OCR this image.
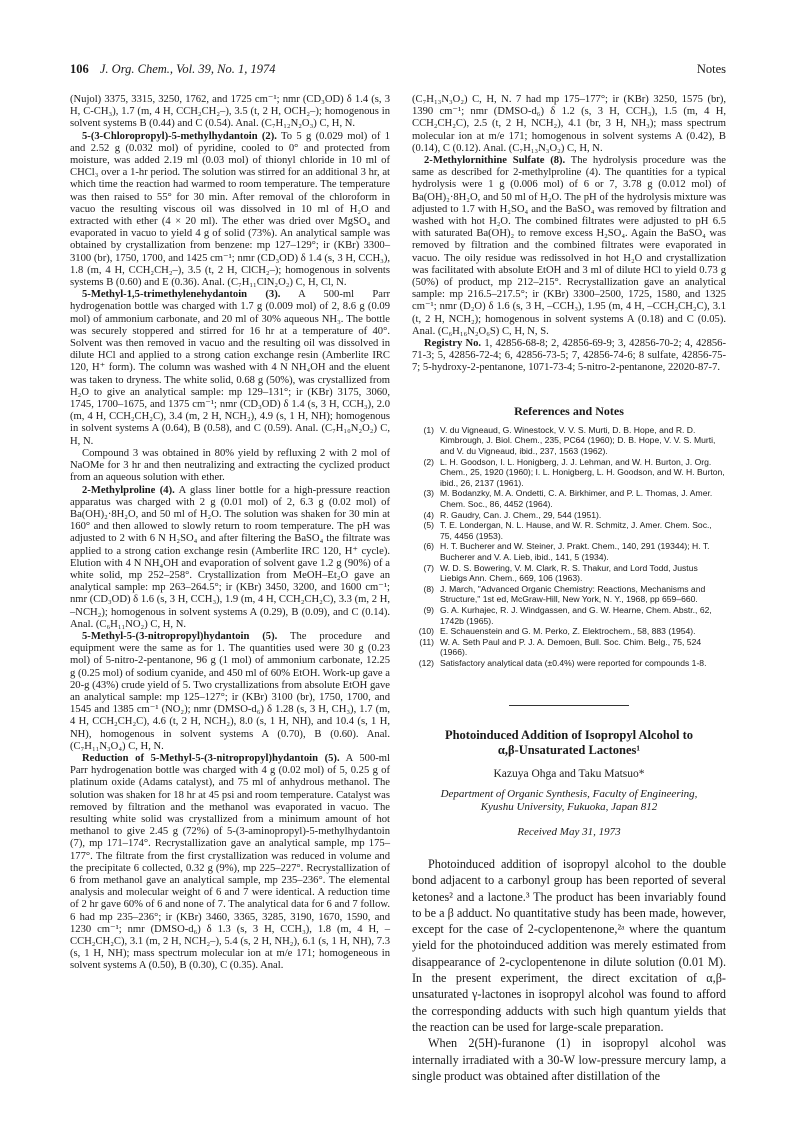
106 J. Org. Chem., Vol. 39, No. 1, 1974	Notes

(Nujol) 3375, 3315, 3250, 1762, and 1725 cm⁻¹; nmr (CD₃OD) δ 1.4 (s, 3 H, C-CH₃), 1.7 (m, 4 H, CCH₂CH₂–), 3.5 (t, 2 H, OCH₂–); homogenous in solvent systems B (0.44) and C (0.54). Anal. (C₇H₁₂N₂O₃) C, H, N.

5-(3-Chloropropyl)-5-methylhydantoin (2). To 5 g (0.029 mol) of 1 and 2.52 g (0.032 mol) of pyridine, cooled to 0° and protected from moisture, was added 2.19 ml (0.03 mol) of thionyl chloride in 10 ml of CHCl₃ over a 1-hr period. The solution was stirred for an additional 3 hr, at which time the reaction had warmed to room temperature. The temperature was then raised to 55° for 30 min. After removal of the chloroform in vacuo the resulting viscous oil was dissolved in 10 ml of H₂O and extracted with ether (4 × 20 ml). The ether was dried over MgSO₄ and evaporated in vacuo to yield 4 g of solid (73%). An analytical sample was obtained by crystallization from benzene: mp 127–129°; ir (KBr) 3300–3100 (br), 1750, 1700, and 1425 cm⁻¹; nmr (CD₃OD) δ 1.4 (s, 3 H, CCH₃), 1.8 (m, 4 H, CCH₂CH₂–), 3.5 (t, 2 H, ClCH₂–); homogenous in solvents systems B (0.60) and E (0.36). Anal. (C₇H₁₁ClN₂O₂) C, H, Cl, N.

5-Methyl-1,5-trimethylenehydantoin (3). A 500-ml Parr hydrogenation bottle was charged with 1.7 g (0.009 mol) of 2, 8.6 g (0.09 mol) of ammonium carbonate, and 20 ml of 30% aqueous NH₃. The bottle was securely stoppered and stirred for 16 hr at a temperature of 40°. Solvent was then removed in vacuo and the resulting oil was dissolved in dilute HCl and applied to a strong cation exchange resin (Amberlite IRC 120, H⁺ form). The column was washed with 4 N NH₄OH and the eluent was taken to dryness. The white solid, 0.68 g (50%), was crystallized from H₂O to give an analytical sample: mp 129–131°; ir (KBr) 3175, 3060, 1745, 1700–1675, and 1375 cm⁻¹; nmr (CD₃OD) δ 1.4 (s, 3 H, CCH₃), 2.0 (m, 4 H, CCH₂CH₂C), 3.4 (m, 2 H, NCH₂), 4.9 (s, 1 H, NH); homogenous in solvent systems A (0.64), B (0.58), and C (0.59). Anal. (C₇H₁₀N₂O₂) C, H, N.

Compound 3 was obtained in 80% yield by refluxing 2 with 2 mol of NaOMe for 3 hr and then neutralizing and extracting the cyclized product from an aqueous solution with ether.

2-Methylproline (4). A glass liner bottle for a high-pressure reaction apparatus was charged with 2 g (0.01 mol) of 2, 6.3 g (0.02 mol) of Ba(OH)₂·8H₂O, and 50 ml of H₂O. The solution was shaken for 30 min at 160° and then allowed to slowly return to room temperature. The pH was adjusted to 2 with 6 N H₂SO₄ and after filtering the BaSO₄ the filtrate was applied to a strong cation exchange resin (Amberlite IRC 120, H⁺ cycle). Elution with 4 N NH₄OH and evaporation of solvent gave 1.2 g (90%) of a white solid, mp 252–258°. Crystallization from MeOH–Et₂O gave an analytical sample: mp 263–264.5°; ir (KBr) 3450, 3200, and 1600 cm⁻¹; nmr (CD₃OD) δ 1.6 (s, 3 H, CCH₃), 1.9 (m, 4 H, CCH₂CH₂C), 3.3 (m, 2 H, –NCH₂); homogenous in solvent systems A (0.29), B (0.09), and C (0.14). Anal. (C₆H₁₁NO₂) C, H, N.

5-Methyl-5-(3-nitropropyl)hydantoin (5). The procedure and equipment were the same as for 1. The quantities used were 30 g (0.23 mol) of 5-nitro-2-pentanone, 96 g (1 mol) of ammonium carbonate, 12.25 g (0.25 mol) of sodium cyanide, and 450 ml of 60% EtOH. Work-up gave a 20-g (43%) crude yield of 5. Two crystallizations from absolute EtOH gave an analytical sample: mp 125–127°; ir (KBr) 3100 (br), 1750, 1700, and 1545 and 1385 cm⁻¹ (NO₂); nmr (DMSO-d₆) δ 1.28 (s, 3 H, CH₃), 1.7 (m, 4 H, CCH₂CH₂C), 4.6 (t, 2 H, NCH₂), 8.0 (s, 1 H, NH), and 10.4 (s, 1 H, NH), homogenous in solvent systems A (0.70), B (0.60). Anal. (C₇H₁₁N₃O₄) C, H, N.

Reduction of 5-Methyl-5-(3-nitropropyl)hydantoin (5). A 500-ml Parr hydrogenation bottle was charged with 4 g (0.02 mol) of 5, 0.25 g of platinum oxide (Adams catalyst), and 75 ml of anhydrous methanol. The solution was shaken for 18 hr at 45 psi and room temperature. Catalyst was removed by filtration and the methanol was evaporated in vacuo. The resulting white solid was crystallized from a minimum amount of hot methanol to give 2.45 g (72%) of 5-(3-aminopropyl)-5-methylhydantoin (7), mp 171–174°. Recrystallization gave an analytical sample, mp 175–177°. The filtrate from the first crystallization was reduced in volume and the precipitate 6 collected, 0.32 g (9%), mp 225–227°. Recrystallization of 6 from methanol gave an analytical sample, mp 235–236°. The elemental analysis and molecular weight of 6 and 7 were identical. A reduction time of 2 hr gave 60% of 6 and none of 7. The analytical data for 6 and 7 follow. 6 had mp 235–236°; ir (KBr) 3460, 3365, 3285, 3190, 1670, 1590, and 1230 cm⁻¹; nmr (DMSO-d₆) δ 1.3 (s, 3 H, CCH₃), 1.8 (m, 4 H, –CCH₂CH₂C), 3.1 (m, 2 H, NCH₂–), 5.4 (s, 2 H, NH₂), 6.1 (s, 1 H, NH), 7.3 (s, 1 H, NH); mass spectrum molecular ion at m/e 171; homogeneous in solvent systems A (0.50), B (0.30), C (0.35). Anal.

(C₇H₁₃N₃O₂) C, H, N. 7 had mp 175–177°; ir (KBr) 3250, 1575 (br), 1390 cm⁻¹; nmr (DMSO-d₆) δ 1.2 (s, 3 H, CCH₃), 1.5 (m, 4 H, CCH₂CH₂C), 2.5 (t, 2 H, NCH₂), 4.1 (br, 3 H, NH₃); mass spectrum molecular ion at m/e 171; homogenous in solvent systems A (0.42), B (0.14), C (0.12). Anal. (C₇H₁₃N₃O₂) C, H, N.

2-Methylornithine Sulfate (8). The hydrolysis procedure was the same as described for 2-methylproline (4). The quantities for a typical hydrolysis were 1 g (0.006 mol) of 6 or 7, 3.78 g (0.012 mol) of Ba(OH)₂·8H₂O, and 50 ml of H₂O. The pH of the hydrolysis mixture was adjusted to 1.7 with H₂SO₄ and the BaSO₄ was removed by filtration and washed with hot H₂O. The combined filtrates were adjusted to pH 6.5 with saturated Ba(OH)₂ to remove excess H₂SO₄. Again the BaSO₄ was removed by filtration and the combined filtrates were evaporated in vacuo. The oily residue was redissolved in hot H₂O and crystallization was facilitated with absolute EtOH and 3 ml of dilute HCl to yield 0.73 g (50%) of product, mp 212–215°. Recrystallization gave an analytical sample: mp 216.5–217.5°; ir (KBr) 3300–2500, 1725, 1580, and 1325 cm⁻¹; nmr (D₂O) δ 1.6 (s, 3 H, –CCH₃), 1.95 (m, 4 H, –CCH₂CH₂C), 3.1 (t, 2 H, NCH₂); homogenous in solvent systems A (0.18) and C (0.05). Anal. (C₆H₁₆N₂O₆S) C, H, N, S.

Registry No. 1, 42856-68-8; 2, 42856-69-9; 3, 42856-70-2; 4, 42856-71-3; 5, 42856-72-4; 6, 42856-73-5; 7, 42856-74-6; 8 sulfate, 42856-75-7; 5-hydroxy-2-pentanone, 1071-73-4; 5-nitro-2-pentanone, 22020-87-7.

References and Notes
(1) V. du Vigneaud, G. Winestock, V. V. S. Murti, D. B. Hope, and R. D. Kimbrough, J. Biol. Chem., 235, PC64 (1960); D. B. Hope, V. V. S. Murti, and V. du Vigneaud, ibid., 237, 1563 (1962).
(2) L. H. Goodson, I. L. Honigberg, J. J. Lehman, and W. H. Burton, J. Org. Chem., 25, 1920 (1960); I. L. Honigberg, L. H. Goodson, and W. H. Burton, ibid., 26, 2137 (1961).
(3) M. Bodanzky, M. A. Ondetti, C. A. Birkhimer, and P. L. Thomas, J. Amer. Chem. Soc., 86, 4452 (1964).
(4) R. Gaudry, Can. J. Chem., 29, 544 (1951).
(5) T. E. Londergan, N. L. Hause, and W. R. Schmitz, J. Amer. Chem. Soc., 75, 4456 (1953).
(6) H. T. Bucherer and W. Steiner, J. Prakt. Chem., 140, 291 (19344); H. T. Bucherer and V. A. Lieb, ibid., 141, 5 (1934).
(7) W. D. S. Bowering, V. M. Clark, R. S. Thakur, and Lord Todd, Justus Liebigs Ann. Chem., 669, 106 (1963).
(8) J. March, "Advanced Organic Chemistry: Reactions, Mechanisms and Structure," 1st ed, McGraw-Hill, New York, N. Y., 1968, pp 659–660.
(9) G. A. Kurhajec, R. J. Windgassen, and G. W. Hearne, Chem. Abstr., 62, 1742b (1965).
(10) E. Schauenstein and G. M. Perko, Z. Elektrochem., 58, 883 (1954).
(11) W. A. Seth Paul and P. J. A. Demoen, Bull. Soc. Chim. Belg., 75, 524 (1966).
(12) Satisfactory analytical data (±0.4%) were reported for compounds 1-8.
Photoinduced Addition of Isopropyl Alcohol to
α,β-Unsaturated Lactones¹
Kazuya Ohga and Taku Matsuo*
Department of Organic Synthesis, Faculty of Engineering,
Kyushu University, Fukuoka, Japan 812
Received May 31, 1973

Photoinduced addition of isopropyl alcohol to the double bond adjacent to a carbonyl group has been reported of several ketones² and a lactone.³ The product has been invariably found to be a β adduct. No quantitative study has been made, however, except for the case of 2-cyclopentenone,²ᵃ where the quantum yield for the photoinduced addition was merely estimated from disappearance of 2-cyclopentenone in dilute solution (0.01 M). In the present experiment, the direct excitation of α,β-unsaturated γ-lactones in isopropyl alcohol was found to afford the corresponding adducts with such high quantum yields that the reaction can be used for large-scale preparation.

When 2(5H)-furanone (1) in isopropyl alcohol was internally irradiated with a 30-W low-pressure mercury lamp, a single product was obtained after distillation of the
